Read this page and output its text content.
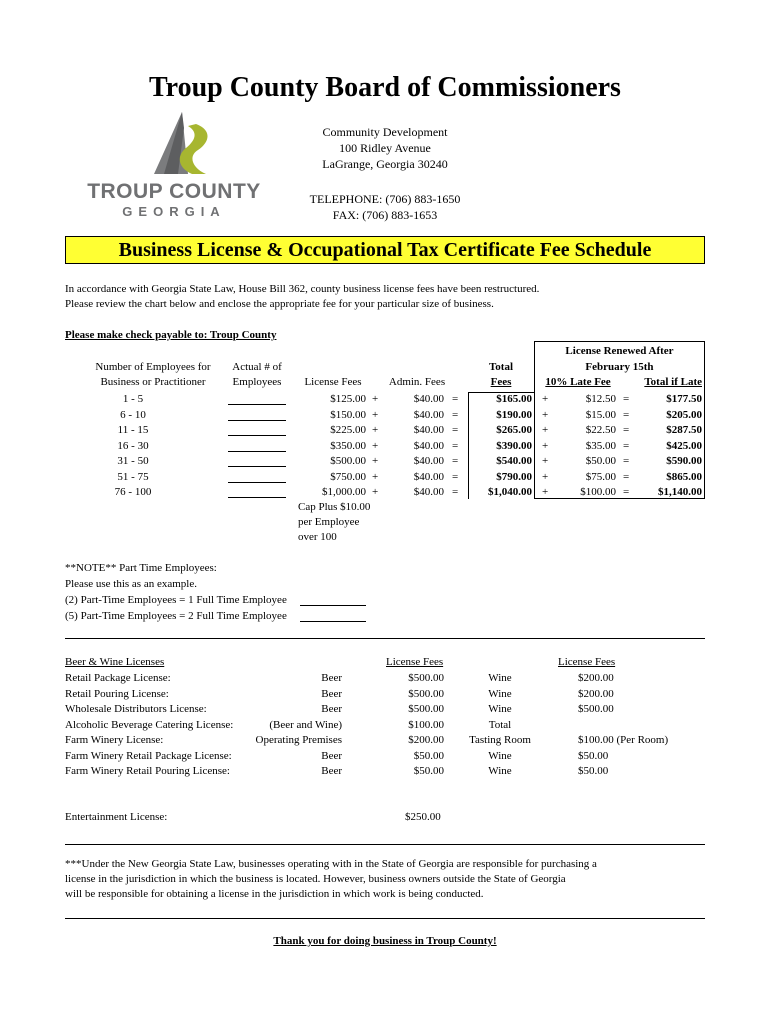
Troup County Board of Commissioners
TROUP COUNTY
GEORGIA
Community Development
100 Ridley Avenue
LaGrange, Georgia 30240
TELEPHONE: (706) 883-1650
FAX: (706) 883-1653
Business License & Occupational Tax Certificate Fee Schedule
In accordance with Georgia State Law, House Bill 362, county business license fees have been restructured.
Please review the chart below and enclose the appropriate fee for your particular size of business.
Please make check payable to: Troup County
Number of Employees for
Business or Practitioner
Actual # of
Employees	License Fees	Admin. Fees
Total
Fees
License Renewed After
February 15th
10% Late Fee	Total if Late
1 - 5	$125.00 +	$40.00 =	$165.00 +	$12.50 =	$177.50
6 - 10	$150.00 +	$40.00 =	$190.00 +	$15.00 =	$205.00
11 - 15	$225.00 +	$40.00 =	$265.00 +	$22.50 =	$287.50
16 - 30	$350.00 +	$40.00 =	$390.00 +	$35.00 =	$425.00
31 - 50	$500.00 +	$40.00 =	$540.00 +	$50.00 =	$590.00
51 - 75	$750.00 +	$40.00 =	$790.00 +	$75.00 =	$865.00
76 - 100	$1,000.00 +	$40.00 =	$1,040.00 +	$100.00 =	$1,140.00
Cap Plus $10.00
per Employee
over 100
**NOTE** Part Time Employees:
Please use this as an example.
(2) Part-Time Employees = 1 Full Time Employee
(5) Part-Time Employees = 2 Full Time Employee
Beer & Wine Licenses	License Fees	License Fees
Retail Package License:	Beer	$500.00	Wine	$200.00
Retail Pouring License:	Beer	$500.00	Wine	$200.00
Wholesale Distributors License:	Beer	$500.00	Wine	$500.00
Alcoholic Beverage Catering License:	(Beer and Wine)	$100.00	Total
Farm Winery License:	Operating Premises	$200.00	Tasting Room	$100.00 (Per Room)
Farm Winery Retail Package License:	Beer	$50.00	Wine	$50.00
Farm Winery Retail Pouring License:	Beer	$50.00	Wine	$50.00
Entertainment License:	$250.00
***Under the New Georgia State Law, businesses operating with in the State of Georgia are responsible for purchasing a
license in the jurisdiction in which the business is located. However, business owners outside the State of Georgia
will be responsible for obtaining a license in the jurisdiction in which work is being conducted.
Thank you for doing business in Troup County!
